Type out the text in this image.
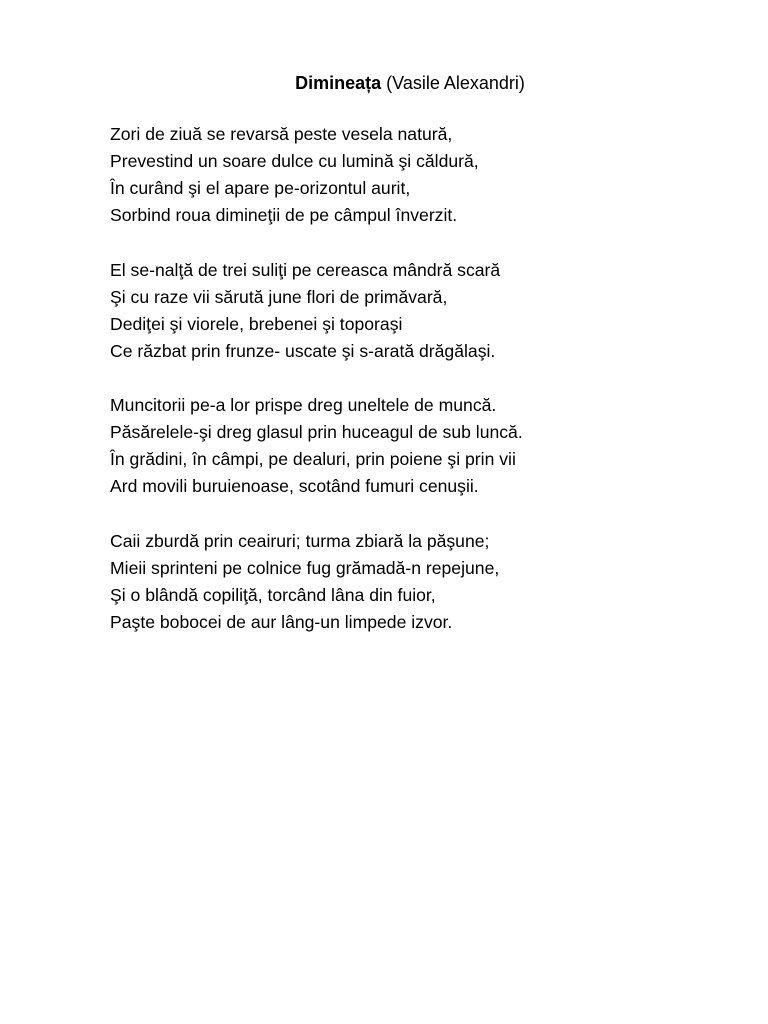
Dimineața (Vasile Alexandri)
Zori de ziuă se revarsă peste vesela natură,
Prevestind un soare dulce cu lumină şi căldură,
În curând şi el apare pe-orizontul aurit,
Sorbind roua dimineţii de pe câmpul înverzit.
El se-nalţă de trei suliţi pe cereasca mândră scară
Şi cu raze vii sărută june flori de primăvară,
Dediţei şi viorele, brebenei şi toporaşi
Ce răzbat prin frunze- uscate şi s-arată drăgălaşi.
Muncitorii pe-a lor prispe dreg uneltele de muncă.
Păsărelele-şi dreg glasul prin huceagul de sub luncă.
În grădini, în câmpi, pe dealuri, prin poiene şi prin vii
Ard movili buruienoase, scotând fumuri cenuşii.
Caii zburdă prin ceairuri; turma zbiară la păşune;
Mieii sprinteni pe colnice fug grămadă-n repejune,
Şi o blândă copiliţă, torcând lâna din fuior,
Paşte bobocei de aur lâng-un limpede izvor.
